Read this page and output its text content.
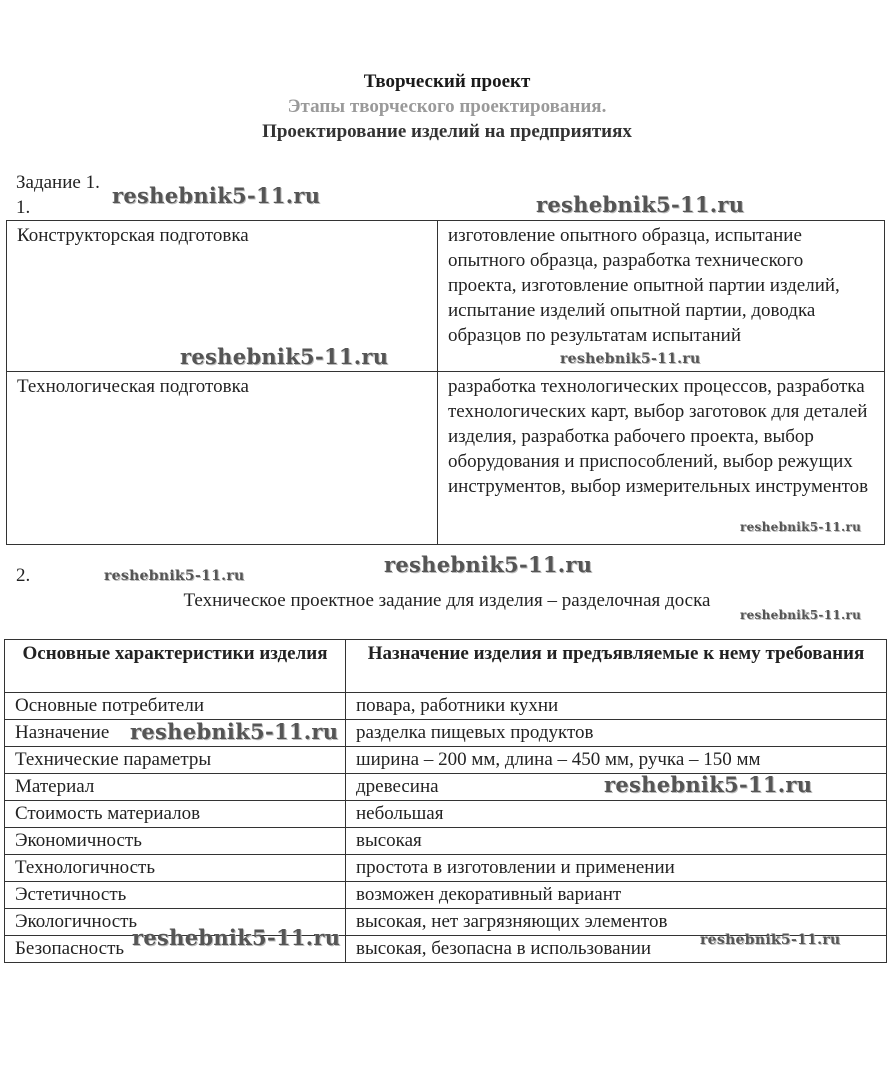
Творческий проект
Этапы творческого проектирования.
Проектирование изделий на предприятиях
Задание 1.
1.
Конструкторская подготовка	изготовление опытного образца, испытание опытного образца, разработка технического проекта, изготовление опытной партии изделий, испытание изделий опытной партии, доводка образцов по результатам испытаний
Технологическая подготовка	разработка технологических процессов, разработка технологических карт, выбор заготовок для деталей изделия, разработка рабочего проекта, выбор оборудования и приспособлений, выбор режущих инструментов, выбор измерительных инструментов
2.
Техническое проектное задание для изделия – разделочная доска
Основные характеристики изделия	Назначение изделия и предъявляемые к нему требования
Основные потребители	повара, работники кухни
Назначение	разделка пищевых продуктов
Технические параметры	ширина – 200 мм, длина – 450 мм, ручка – 150 мм
Материал	древесина
Стоимость материалов	небольшая
Экономичность	высокая
Технологичность	простота в изготовлении и применении
Эстетичность	возможен декоративный вариант
Экологичность	высокая, нет загрязняющих элементов
Безопасность	высокая, безопасна в использовании
reshebnik5-11.ru	reshebnik5-11.ru
reshebnik5-11.ru	reshebnik5-11.ru
reshebnik5-11.ru
reshebnik5-11.ru
reshebnik5-11.ru
reshebnik5-11.ru
reshebnik5-11.ru
reshebnik5-11.ru
reshebnik5-11.ru	reshebnik5-11.ru
